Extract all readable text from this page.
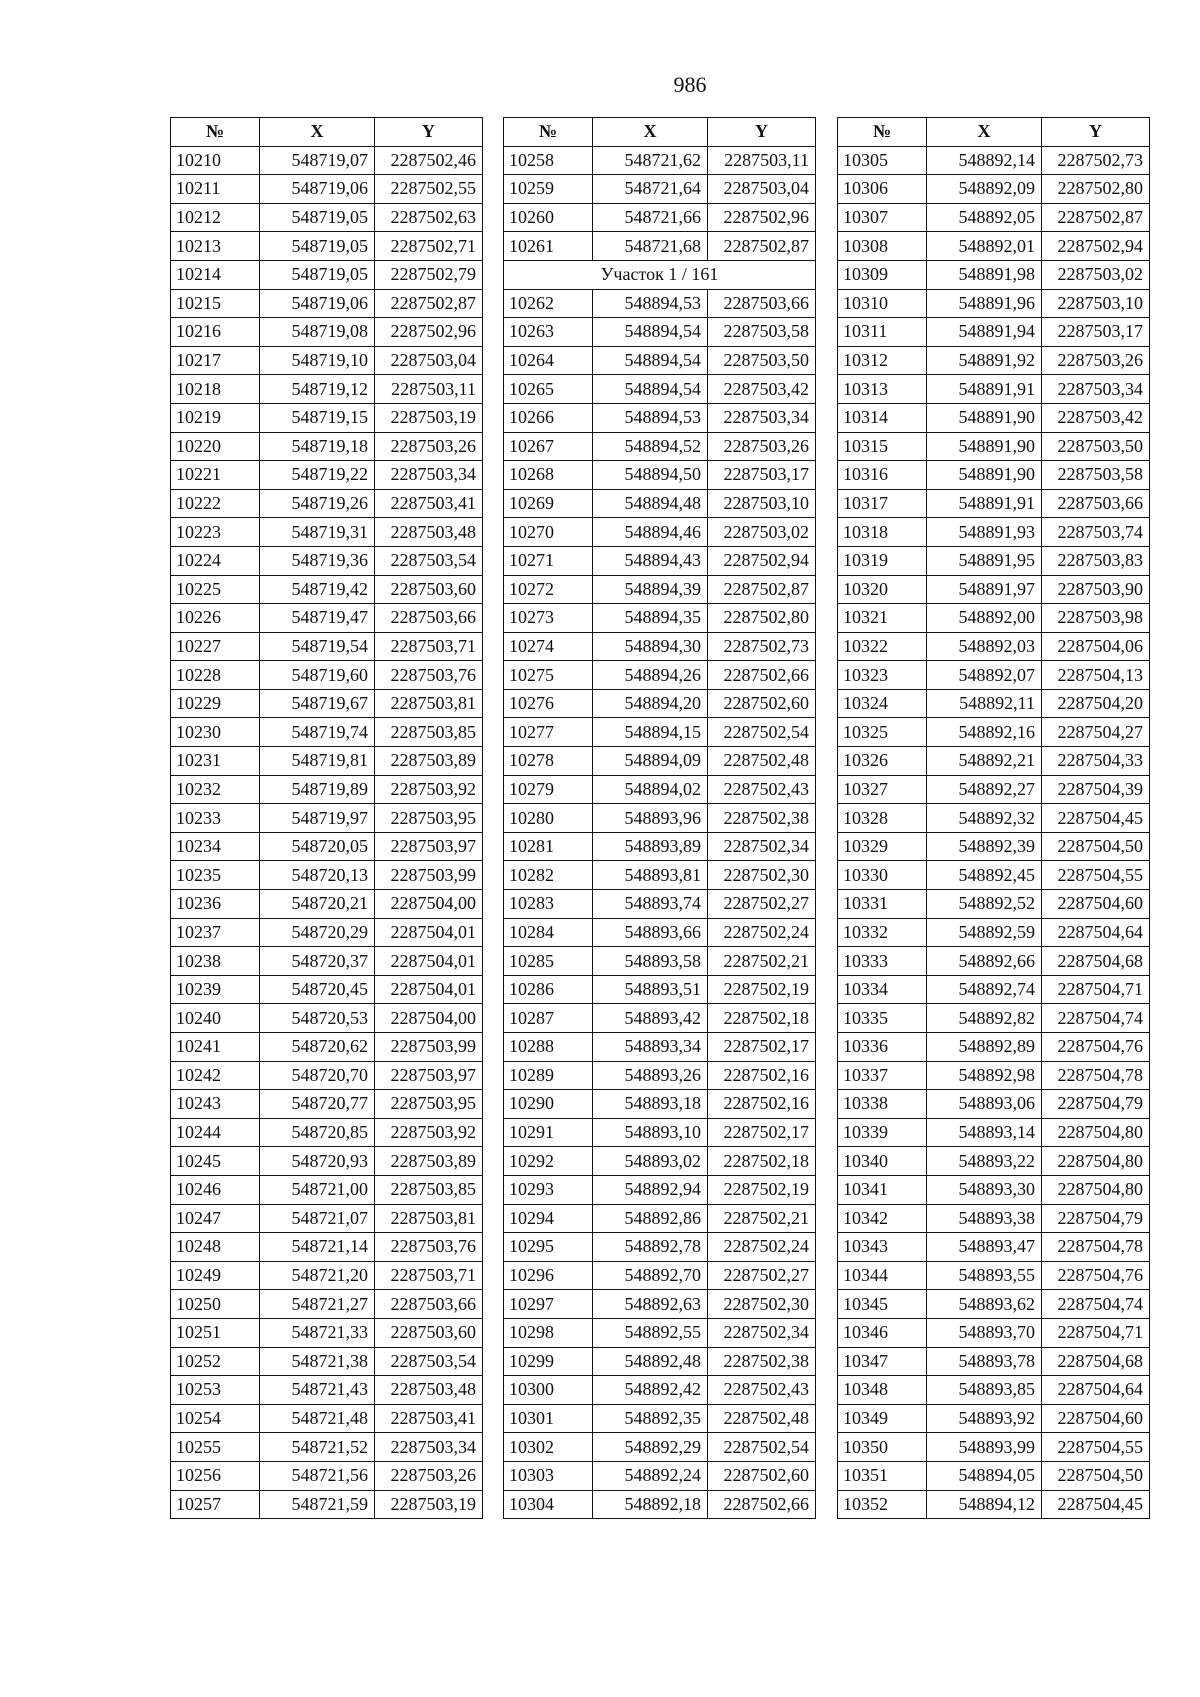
986
№	X	Y
10210	548719,07	2287502,46
10211	548719,06	2287502,55
10212	548719,05	2287502,63
10213	548719,05	2287502,71
10214	548719,05	2287502,79
10215	548719,06	2287502,87
10216	548719,08	2287502,96
10217	548719,10	2287503,04
10218	548719,12	2287503,11
10219	548719,15	2287503,19
10220	548719,18	2287503,26
10221	548719,22	2287503,34
10222	548719,26	2287503,41
10223	548719,31	2287503,48
10224	548719,36	2287503,54
10225	548719,42	2287503,60
10226	548719,47	2287503,66
10227	548719,54	2287503,71
10228	548719,60	2287503,76
10229	548719,67	2287503,81
10230	548719,74	2287503,85
10231	548719,81	2287503,89
10232	548719,89	2287503,92
10233	548719,97	2287503,95
10234	548720,05	2287503,97
10235	548720,13	2287503,99
10236	548720,21	2287504,00
10237	548720,29	2287504,01
10238	548720,37	2287504,01
10239	548720,45	2287504,01
10240	548720,53	2287504,00
10241	548720,62	2287503,99
10242	548720,70	2287503,97
10243	548720,77	2287503,95
10244	548720,85	2287503,92
10245	548720,93	2287503,89
10246	548721,00	2287503,85
10247	548721,07	2287503,81
10248	548721,14	2287503,76
10249	548721,20	2287503,71
10250	548721,27	2287503,66
10251	548721,33	2287503,60
10252	548721,38	2287503,54
10253	548721,43	2287503,48
10254	548721,48	2287503,41
10255	548721,52	2287503,34
10256	548721,56	2287503,26
10257	548721,59	2287503,19
№	X	Y
10258	548721,62	2287503,11
10259	548721,64	2287503,04
10260	548721,66	2287502,96
10261	548721,68	2287502,87
Участок 1 / 161		
10262	548894,53	2287503,66
10263	548894,54	2287503,58
10264	548894,54	2287503,50
10265	548894,54	2287503,42
10266	548894,53	2287503,34
10267	548894,52	2287503,26
10268	548894,50	2287503,17
10269	548894,48	2287503,10
10270	548894,46	2287503,02
10271	548894,43	2287502,94
10272	548894,39	2287502,87
10273	548894,35	2287502,80
10274	548894,30	2287502,73
10275	548894,26	2287502,66
10276	548894,20	2287502,60
10277	548894,15	2287502,54
10278	548894,09	2287502,48
10279	548894,02	2287502,43
10280	548893,96	2287502,38
10281	548893,89	2287502,34
10282	548893,81	2287502,30
10283	548893,74	2287502,27
10284	548893,66	2287502,24
10285	548893,58	2287502,21
10286	548893,51	2287502,19
10287	548893,42	2287502,18
10288	548893,34	2287502,17
10289	548893,26	2287502,16
10290	548893,18	2287502,16
10291	548893,10	2287502,17
10292	548893,02	2287502,18
10293	548892,94	2287502,19
10294	548892,86	2287502,21
10295	548892,78	2287502,24
10296	548892,70	2287502,27
10297	548892,63	2287502,30
10298	548892,55	2287502,34
10299	548892,48	2287502,38
10300	548892,42	2287502,43
10301	548892,35	2287502,48
10302	548892,29	2287502,54
10303	548892,24	2287502,60
10304	548892,18	2287502,66
№	X	Y
10305	548892,14	2287502,73
10306	548892,09	2287502,80
10307	548892,05	2287502,87
10308	548892,01	2287502,94
10309	548891,98	2287503,02
10310	548891,96	2287503,10
10311	548891,94	2287503,17
10312	548891,92	2287503,26
10313	548891,91	2287503,34
10314	548891,90	2287503,42
10315	548891,90	2287503,50
10316	548891,90	2287503,58
10317	548891,91	2287503,66
10318	548891,93	2287503,74
10319	548891,95	2287503,83
10320	548891,97	2287503,90
10321	548892,00	2287503,98
10322	548892,03	2287504,06
10323	548892,07	2287504,13
10324	548892,11	2287504,20
10325	548892,16	2287504,27
10326	548892,21	2287504,33
10327	548892,27	2287504,39
10328	548892,32	2287504,45
10329	548892,39	2287504,50
10330	548892,45	2287504,55
10331	548892,52	2287504,60
10332	548892,59	2287504,64
10333	548892,66	2287504,68
10334	548892,74	2287504,71
10335	548892,82	2287504,74
10336	548892,89	2287504,76
10337	548892,98	2287504,78
10338	548893,06	2287504,79
10339	548893,14	2287504,80
10340	548893,22	2287504,80
10341	548893,30	2287504,80
10342	548893,38	2287504,79
10343	548893,47	2287504,78
10344	548893,55	2287504,76
10345	548893,62	2287504,74
10346	548893,70	2287504,71
10347	548893,78	2287504,68
10348	548893,85	2287504,64
10349	548893,92	2287504,60
10350	548893,99	2287504,55
10351	548894,05	2287504,50
10352	548894,12	2287504,45
